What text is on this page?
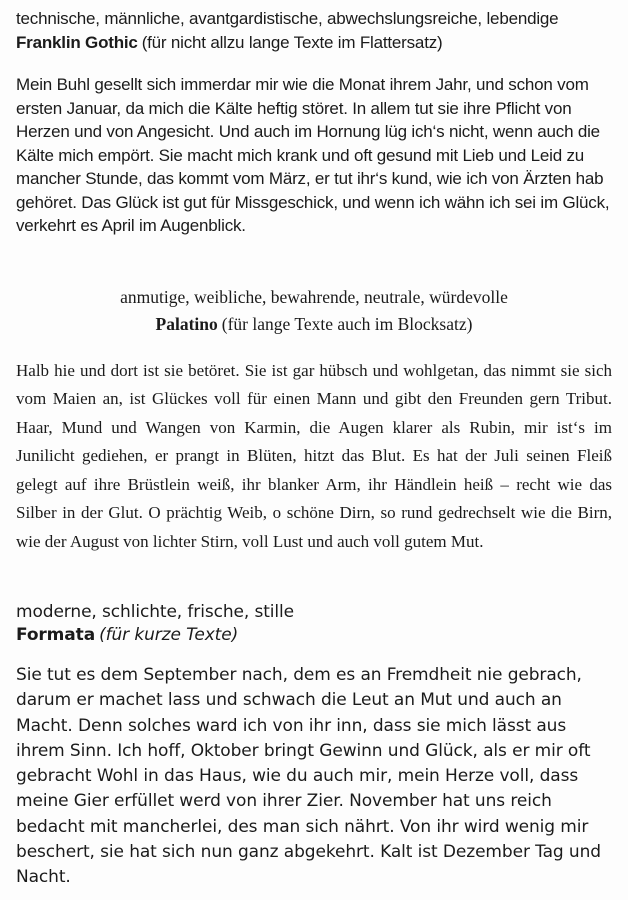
technische, männliche, avantgardistische, abwechslungsreiche, lebendige
Franklin Gothic (für nicht allzu lange Texte im Flattersatz)

Mein Buhl gesellt sich immerdar mir wie die Monat ihrem Jahr, und schon vom ersten Januar, da mich die Kälte heftig störet. In allem tut sie ihre Pflicht von Herzen und von Angesicht. Und auch im Hornung lüg ich‘s nicht, wenn auch die Kälte mich empört. Sie macht mich krank und oft gesund mit Lieb und Leid zu mancher Stunde, das kommt vom März, er tut ihr‘s kund, wie ich von Ärzten hab gehöret. Das Glück ist gut für Missgeschick, und wenn ich wähn ich sei im Glück, verkehrt es April im Augenblick.

anmutige, weibliche, bewahrende, neutrale, würdevolle
Palatino (für lange Texte auch im Blocksatz)

Halb hie und dort ist sie betöret. Sie ist gar hübsch und wohlgetan, das nimmt sie sich vom Maien an, ist Glückes voll für einen Mann und gibt den Freunden gern Tribut. Haar, Mund und Wangen von Karmin, die Augen klarer als Rubin, mir ist‘s im Junilicht gediehen, er prangt in Blüten, hitzt das Blut. Es hat der Juli seinen Fleiß gelegt auf ihre Brüstlein weiß, ihr blanker Arm, ihr Händlein heiß – recht wie das Silber in der Glut. O prächtig Weib, o schöne Dirn, so rund gedrechselt wie die Birn, wie der August von lichter Stirn, voll Lust und auch voll gutem Mut.

moderne, schlichte, frische, stille
Formata (für kurze Texte)

Sie tut es dem September nach, dem es an Fremdheit nie gebrach, darum er machet lass und schwach die Leut an Mut und auch an Macht. Denn solches ward ich von ihr inn, dass sie mich lässt aus ihrem Sinn. Ich hoff, Oktober bringt Gewinn und Glück, als er mir oft gebracht Wohl in das Haus, wie du auch mir, mein Herze voll, dass meine Gier erfüllet werd von ihrer Zier. November hat uns reich bedacht mit mancherlei, des man sich nährt. Von ihr wird wenig mir beschert, sie hat sich nun ganz abgekehrt. Kalt ist Dezember Tag und Nacht.
